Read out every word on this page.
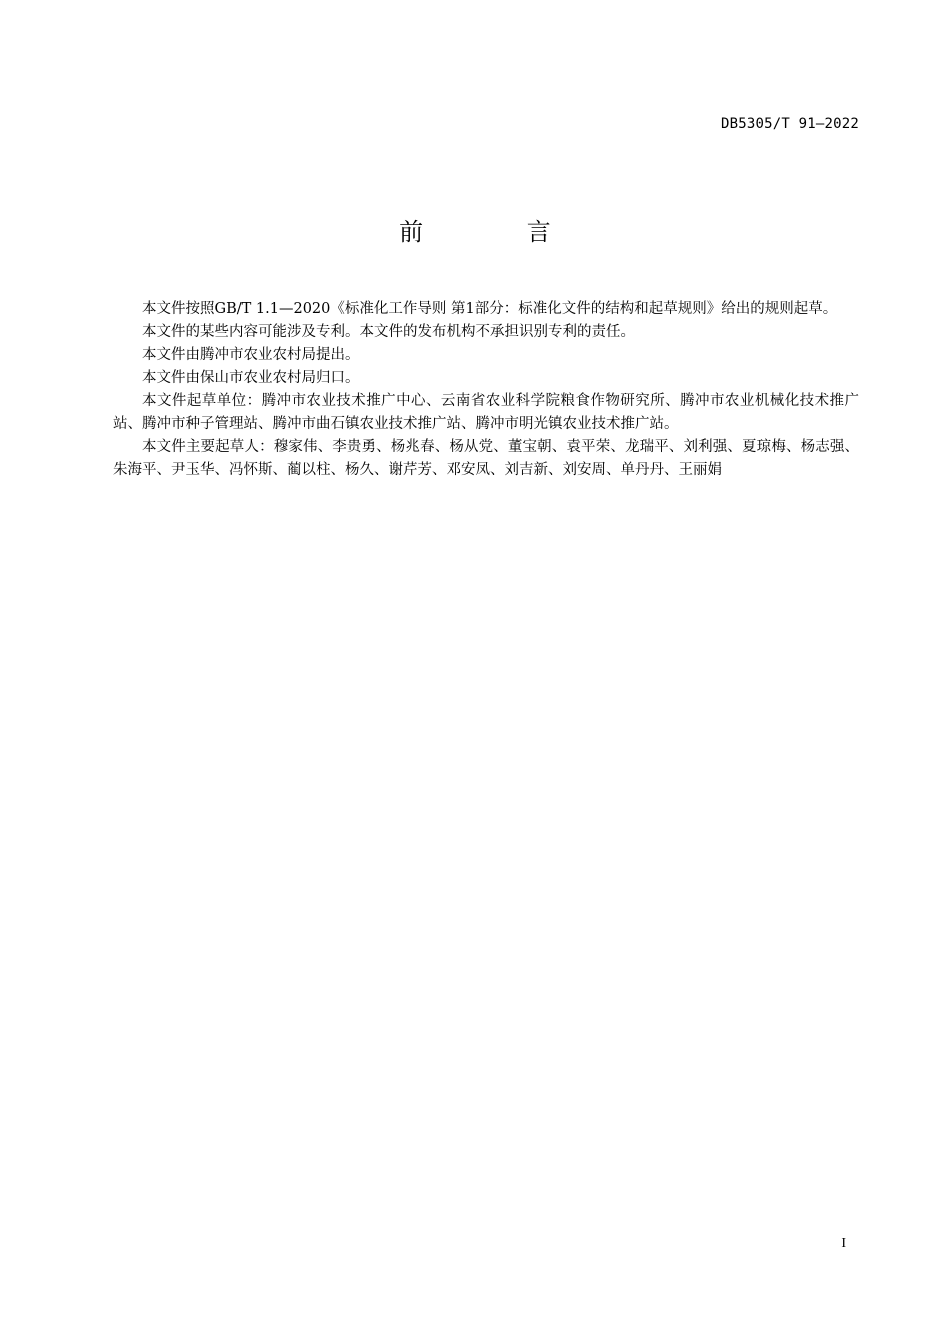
DB5305/T 91—2022
前 言

本文件按照GB/T 1.1—2020《标准化工作导则 第1部分：标准化文件的结构和起草规则》给出的规则起草。

本文件的某些内容可能涉及专利。本文件的发布机构不承担识别专利的责任。

本文件由腾冲市农业农村局提出。

本文件由保山市农业农村局归口。

本文件起草单位：腾冲市农业技术推广中心、云南省农业科学院粮食作物研究所、腾冲市农业机械化技术推广站、腾冲市种子管理站、腾冲市曲石镇农业技术推广站、腾冲市明光镇农业技术推广站。

本文件主要起草人：穆家伟、李贵勇、杨兆春、杨从党、董宝朝、袁平荣、龙瑞平、刘利强、夏琼梅、杨志强、朱海平、尹玉华、冯怀斯、蔺以柱、杨久、谢芹芳、邓安凤、刘吉新、刘安周、单丹丹、王丽娟

I
